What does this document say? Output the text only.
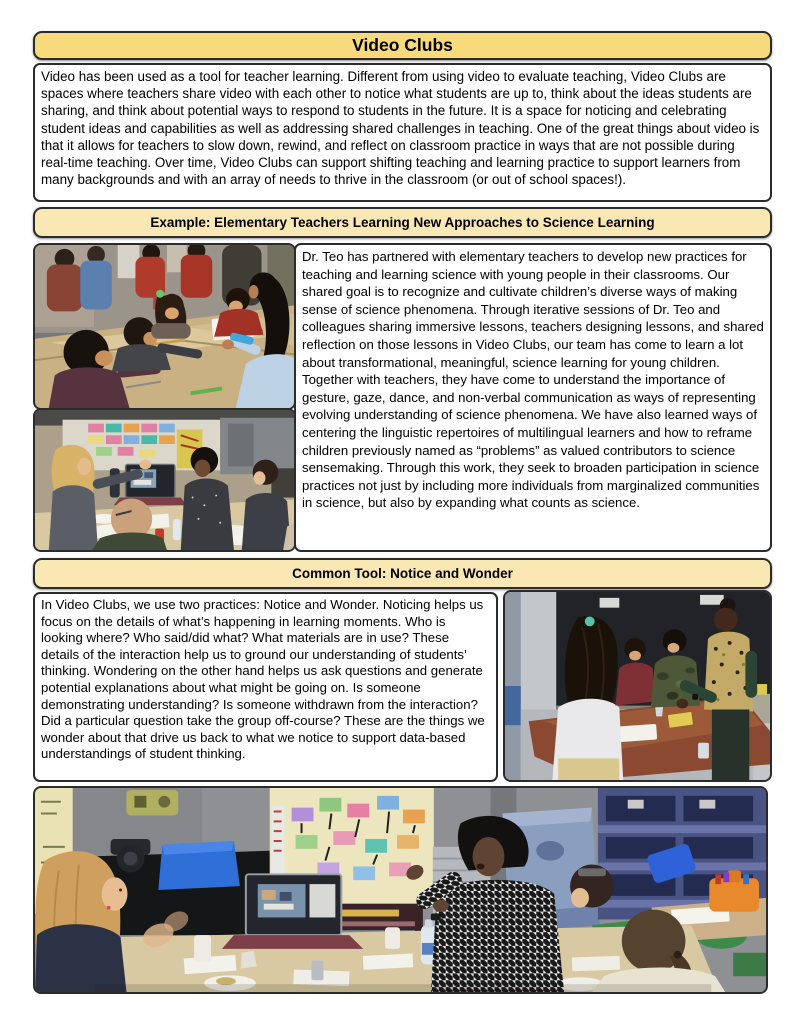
Video Clubs
Video has been used as a tool for teacher learning. Different from using video to evaluate teaching, Video Clubs are spaces where teachers share video with each other to notice what students are up to, think about the ideas students are sharing, and think about potential ways to respond to students in the future. It is a space for noticing and celebrating student ideas and capabilities as well as addressing shared challenges in teaching. One of the great things about video is that it allows for teachers to slow down, rewind, and reflect on classroom practice in ways that are not possible during real-time teaching. Over time, Video Clubs can support shifting teaching and learning practice to support learners from many backgrounds and with an array of needs to thrive in the classroom (or out of school spaces!).
Example: Elementary Teachers Learning New Approaches to Science Learning
Dr. Teo has partnered with elementary teachers to develop new practices for teaching and learning science with young people in their classrooms. Our shared goal is to recognize and cultivate children’s diverse ways of making sense of science phenomena. Through iterative sessions of Dr. Teo and colleagues sharing immersive lessons, teachers designing lessons, and shared reflection on those lessons in Video Clubs, our team has come to learn a lot about transformational, meaningful, science learning for young children. Together with teachers, they have come to understand the importance of gesture, gaze, dance, and non-verbal communication as ways of representing evolving understanding of science phenomena. We have also learned ways of centering the linguistic repertoires of multilingual learners and how to reframe children previously named as “problems” as valued contributors to science sensemaking. Through this work, they seek to broaden participation in science practices not just by including more individuals from marginalized communities in science, but also by expanding what counts as science.
Common Tool: Notice and Wonder
In Video Clubs, we use two practices: Notice and Wonder. Noticing helps us focus on the details of what’s happening in learning moments. Who is looking where? Who said/did what? What materials are in use? These details of the interaction help us to ground our understanding of students’ thinking. Wondering on the other hand helps us ask questions and generate potential explanations about what might be going on. Is someone demonstrating understanding? Is someone withdrawn from the interaction? Did a particular question take the group off-course? These are the things we wonder about that drive us back to what we notice to support data-based understandings of student thinking.
